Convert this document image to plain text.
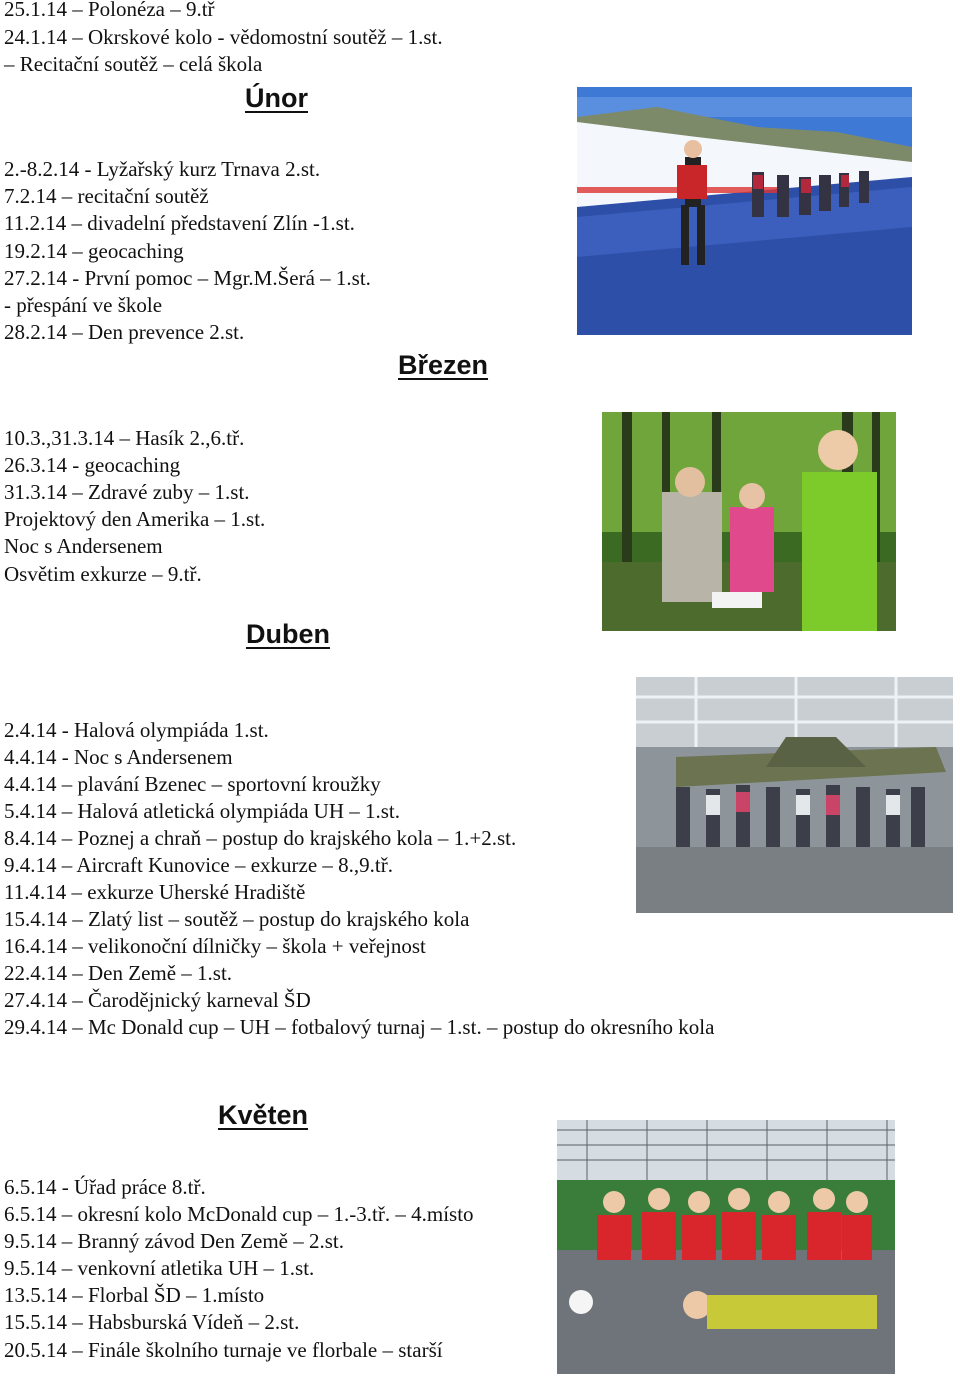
25.1.14 – Polonéza – 9.tř

24.1.14 – Okrskové kolo - vědomostní soutěž – 1.st.

– Recitační soutěž – celá škola

Únor

2.-8.2.14 - Lyžařský kurz Trnava 2.st.

7.2.14 – recitační soutěž

11.2.14 – divadelní představení Zlín -1.st.

19.2.14 – geocaching

27.2.14 - První pomoc – Mgr.M.Šerá – 1.st.

- přespání ve škole

28.2.14 – Den prevence 2.st.

Březen

10.3.,31.3.14 – Hasík 2.,6.tř.

26.3.14 - geocaching

31.3.14 – Zdravé zuby – 1.st.

Projektový den Amerika – 1.st.

Noc s Andersenem

Osvětim exkurze – 9.tř.

Duben

2.4.14 - Halová olympiáda 1.st.

4.4.14 - Noc s Andersenem

4.4.14 – plavání Bzenec – sportovní kroužky

5.4.14 – Halová atletická olympiáda UH – 1.st.

8.4.14 – Poznej a chraň – postup do krajského kola – 1.+2.st.

9.4.14 – Aircraft Kunovice – exkurze – 8.,9.tř.

11.4.14 – exkurze Uherské Hradiště

15.4.14 – Zlatý list – soutěž – postup do krajského kola

16.4.14 – velikonoční dílničky – škola + veřejnost

22.4.14 – Den Země – 1.st.

27.4.14 – Čarodějnický karneval ŠD

29.4.14 – Mc Donald cup – UH – fotbalový turnaj – 1.st. – postup do okresního kola

Květen

6.5.14 - Úřad práce 8.tř.

6.5.14 – okresní kolo McDonald cup – 1.-3.tř. – 4.místo

9.5.14 – Branný závod Den Země – 2.st.

9.5.14 – venkovní atletika UH – 1.st.

13.5.14 – Florbal ŠD – 1.místo

15.5.14 – Habsburská Vídeň – 2.st.

20.5.14 – Finále školního turnaje ve florbale – starší
